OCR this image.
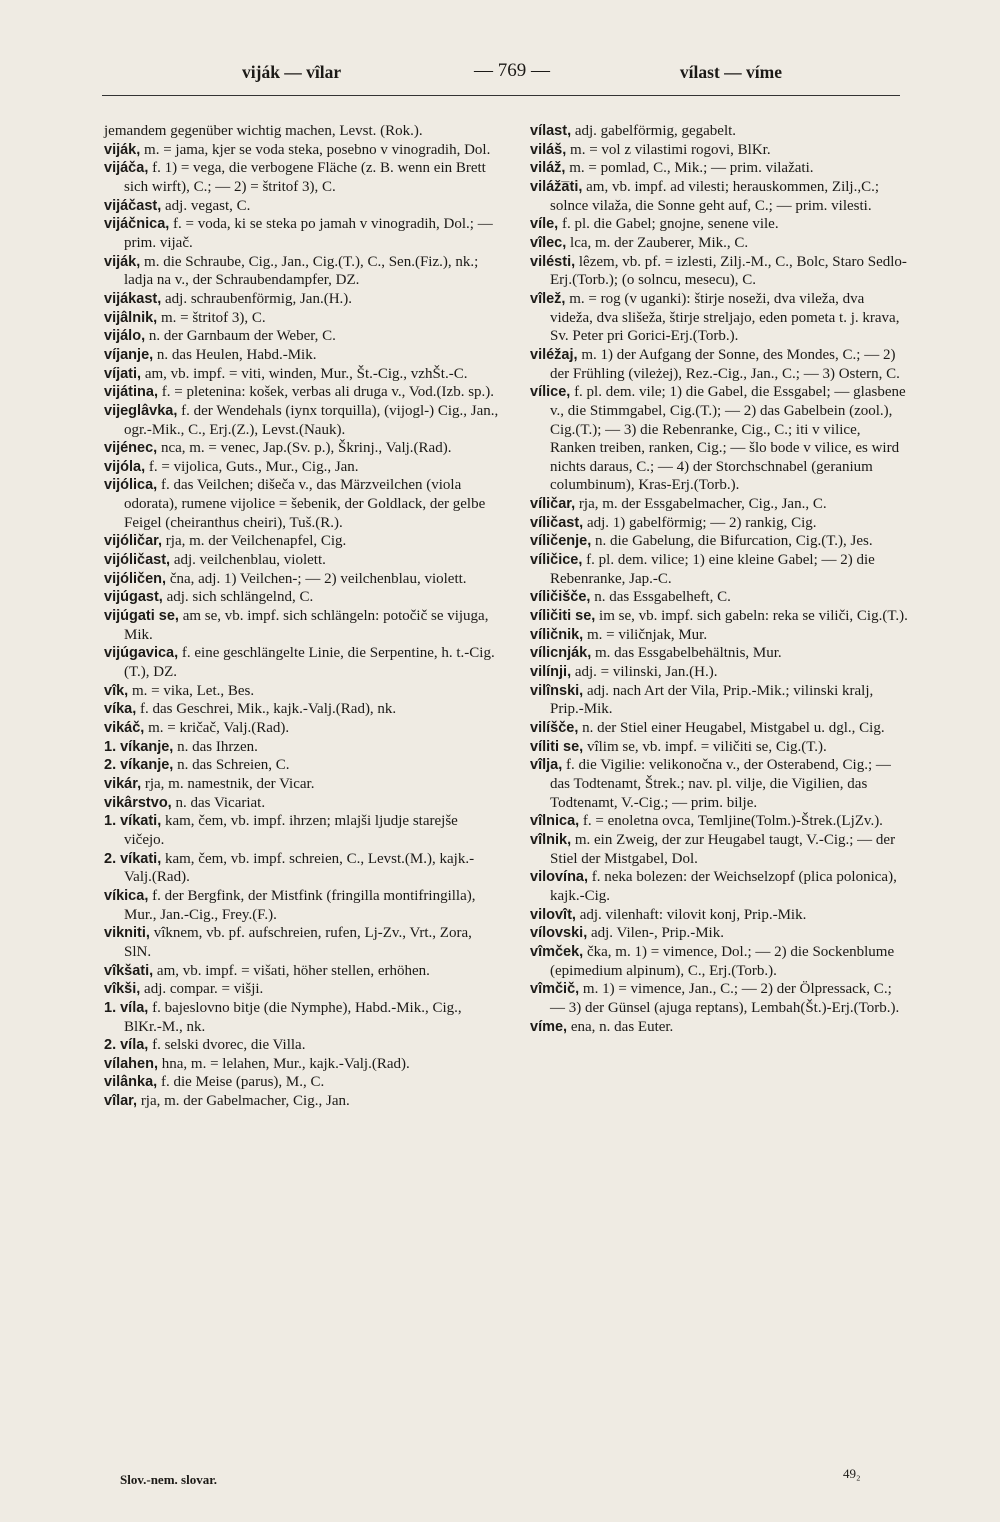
viják — vîlar	— 769 —	vílast — víme

jemandem gegenüber wichtig machen, Levst. (Rok.).

viják, m. = jama, kjer se voda steka, posebno v vinogradih, Dol.

vijáča, f. 1) = vega, die verbogene Fläche (z. B. wenn ein Brett sich wirft), C.; — 2) = štritof 3), C.

vijáčast, adj. vegast, C.

vijáčnica, f. = voda, ki se steka po jamah v vinogradih, Dol.; — prim. vijač.

viják, m. die Schraube, Cig., Jan., Cig.(T.), C., Sen.(Fiz.), nk.; ladja na v., der Schraubendampfer, DZ.

vijákast, adj. schraubenförmig, Jan.(H.).

vijâlnik, m. = štritof 3), C.

vijálo, n. der Garnbaum der Weber, C.

víjanje, n. das Heulen, Habd.-Mik.

víjati, am, vb. impf. = viti, winden, Mur., Št.-Cig., vzhŠt.-C.

vijátina, f. = pletenina: košek, verbas ali druga v., Vod.(Izb. sp.).

vijeglâvka, f. der Wendehals (iynx torquilla), (vijogl-) Cig., Jan., ogr.-Mik., C., Erj.(Z.), Levst.(Nauk).

vijénec, nca, m. = venec, Jap.(Sv. p.), Škrinj., Valj.(Rad).

vijóla, f. = vijolica, Guts., Mur., Cig., Jan.

vijólica, f. das Veilchen; dišeča v., das Märzveilchen (viola odorata), rumene vijolice = šebenik, der Goldlack, der gelbe Feigel (cheiranthus cheiri), Tuš.(R.).

vijóličar, rja, m. der Veilchenapfel, Cig.

vijóličast, adj. veilchenblau, violett.

vijóličen, čna, adj. 1) Veilchen-; — 2) veilchenblau, violett.

vijúgast, adj. sich schlängelnd, C.

vijúgati se, am se, vb. impf. sich schlängeln: potočič se vijuga, Mik.

vijúgavica, f. eine geschlängelte Linie, die Serpentine, h. t.-Cig.(T.), DZ.

vîk, m. = vika, Let., Bes.

víka, f. das Geschrei, Mik., kajk.-Valj.(Rad), nk.

vikáč, m. = kričač, Valj.(Rad).

1. víkanje, n. das Ihrzen.

2. víkanje, n. das Schreien, C.

vikár, rja, m. namestnik, der Vicar.

vikârstvo, n. das Vicariat.

1. víkati, kam, čem, vb. impf. ihrzen; mlajši ljudje starejše vičejo.

2. víkati, kam, čem, vb. impf. schreien, C., Levst.(M.), kajk.-Valj.(Rad).

víkica, f. der Bergfink, der Mistfink (fringilla montifringilla), Mur., Jan.-Cig., Frey.(F.).

vikniti, vîknem, vb. pf. aufschreien, rufen, Lj-Zv., Vrt., Zora, SlN.

vîkšati, am, vb. impf. = višati, höher stellen, erhöhen.

vîkši, adj. compar. = višji.

1. víla, f. bajeslovno bitje (die Nymphe), Habd.-Mik., Cig., BlKr.-M., nk.

2. víla, f. selski dvorec, die Villa.

vílahen, hna, m. = lelahen, Mur., kajk.-Valj.(Rad).

vilânka, f. die Meise (parus), M., C.

vîlar, rja, m. der Gabelmacher, Cig., Jan.

vílast, adj. gabelförmig, gegabelt.

viláš, m. = vol z vilastimi rogovi, BlKr.

viláž, m. = pomlad, C., Mik.; — prim. vilažati.

viláža̅ti, am, vb. impf. ad vilesti; herauskommen, Zilj.,C.; solnce vilaža, die Sonne geht auf, C.; — prim. vilesti.

víle, f. pl. die Gabel; gnojne, senene vile.

vîlec, lca, m. der Zauberer, Mik., C.

vilésti, lêzem, vb. pf. = izlesti, Zilj.-M., C., Bolc, Staro Sedlo-Erj.(Torb.); (o solncu, mesecu), C.

vîlež, m. = rog (v uganki): štirje noseži, dva vileža, dva videža, dva slišeža, štirje streljajo, eden pometa t. j. krava, Sv. Peter pri Gorici-Erj.(Torb.).

viléžaj, m. 1) der Aufgang der Sonne, des Mondes, C.; — 2) der Frühling (vileżej), Rez.-Cig., Jan., C.; — 3) Ostern, C.

vílice, f. pl. dem. vile; 1) die Gabel, die Essgabel; — glasbene v., die Stimmgabel, Cig.(T.); — 2) das Gabelbein (zool.), Cig.(T.); — 3) die Rebenranke, Cig., C.; iti v vilice, Ranken treiben, ranken, Cig.; — šlo bode v vilice, es wird nichts daraus, C.; — 4) der Storchschnabel (geranium columbinum), Kras-Erj.(Torb.).

víličar, rja, m. der Essgabelmacher, Cig., Jan., C.

víličast, adj. 1) gabelförmig; — 2) rankig, Cig.

víličenje, n. die Gabelung, die Bifurcation, Cig.(T.), Jes.

víličice, f. pl. dem. vilice; 1) eine kleine Gabel; — 2) die Rebenranke, Jap.-C.

víličišče, n. das Essgabelheft, C.

víličiti se, im se, vb. impf. sich gabeln: reka se viliči, Cig.(T.).

víličnik, m. = viličnjak, Mur.

vílicnják, m. das Essgabelbehältnis, Mur.

vilínji, adj. = vilinski, Jan.(H.).

vilînski, adj. nach Art der Vila, Prip.-Mik.; vilinski kralj, Prip.-Mik.

vilíšče, n. der Stiel einer Heugabel, Mistgabel u. dgl., Cig.

víliti se, vîlim se, vb. impf. = viličiti se, Cig.(T.).

vîlja, f. die Vigilie: velikonočna v., der Osterabend, Cig.; — das Todtenamt, Štrek.; nav. pl. vilje, die Vigilien, das Todtenamt, V.-Cig.; — prim. bilje.

vîlnica, f. = enoletna ovca, Temljine(Tolm.)-Štrek.(LjZv.).

vîlnik, m. ein Zweig, der zur Heugabel taugt, V.-Cig.; — der Stiel der Mistgabel, Dol.

vilovína, f. neka bolezen: der Weichselzopf (plica polonica), kajk.-Cig.

vilovît, adj. vilenhaft: vilovit konj, Prip.-Mik.

vílovski, adj. Vilen-, Prip.-Mik.

vîmček, čka, m. 1) = vimence, Dol.; — 2) die Sockenblume (epimedium alpinum), C., Erj.(Torb.).

vîmčič, m. 1) = vimence, Jan., C.; — 2) der Ölpressack, C.; — 3) der Günsel (ajuga reptans), Lembah(Št.)-Erj.(Torb.).

víme, ena, n. das Euter.

Slov.-nem. slovar.	49₂
